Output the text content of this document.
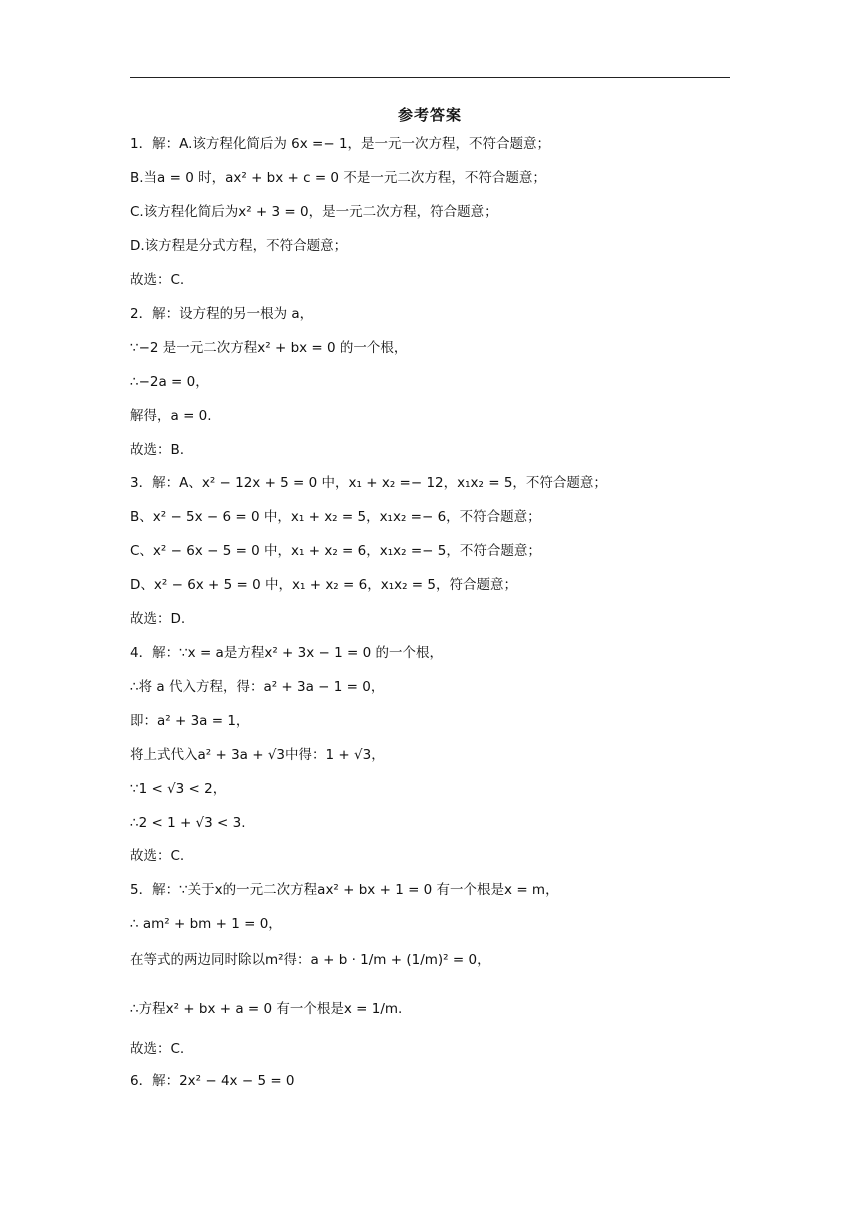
参考答案
1．解：A.该方程化简后为 6x =− 1，是一元一次方程，不符合题意；
B.当a = 0 时，ax² + bx + c = 0 不是一元二次方程，不符合题意；
C.该方程化简后为x² + 3 = 0，是一元二次方程，符合题意；
D.该方程是分式方程，不符合题意；
故选：C.
2．解：设方程的另一根为 a，
∵−2 是一元二次方程x² + bx = 0 的一个根，
∴−2a = 0，
解得，a = 0.
故选：B.
3．解：A、x² − 12x + 5 = 0 中，x₁ + x₂ =− 12，x₁x₂ = 5，不符合题意；
B、x² − 5x − 6 = 0 中，x₁ + x₂ = 5，x₁x₂ =− 6，不符合题意；
C、x² − 6x − 5 = 0 中，x₁ + x₂ = 6，x₁x₂ =− 5，不符合题意；
D、x² − 6x + 5 = 0 中，x₁ + x₂ = 6，x₁x₂ = 5，符合题意；
故选：D.
4．解：∵x = a是方程x² + 3x − 1 = 0 的一个根，
∴将 a 代入方程，得：a² + 3a − 1 = 0，
即：a² + 3a = 1，
将上式代入a² + 3a + √3中得：1 + √3，
∵1 < √3 < 2，
∴2 < 1 + √3 < 3.
故选：C.
5．解：∵关于x的一元二次方程ax² + bx + 1 = 0 有一个根是x = m，
∴ am² + bm + 1 = 0，
在等式的两边同时除以m²得：a + b · 1/m + (1/m)² = 0，
∴方程x² + bx + a = 0 有一个根是x = 1/m.
故选：C.
6．解：2x² − 4x − 5 = 0
